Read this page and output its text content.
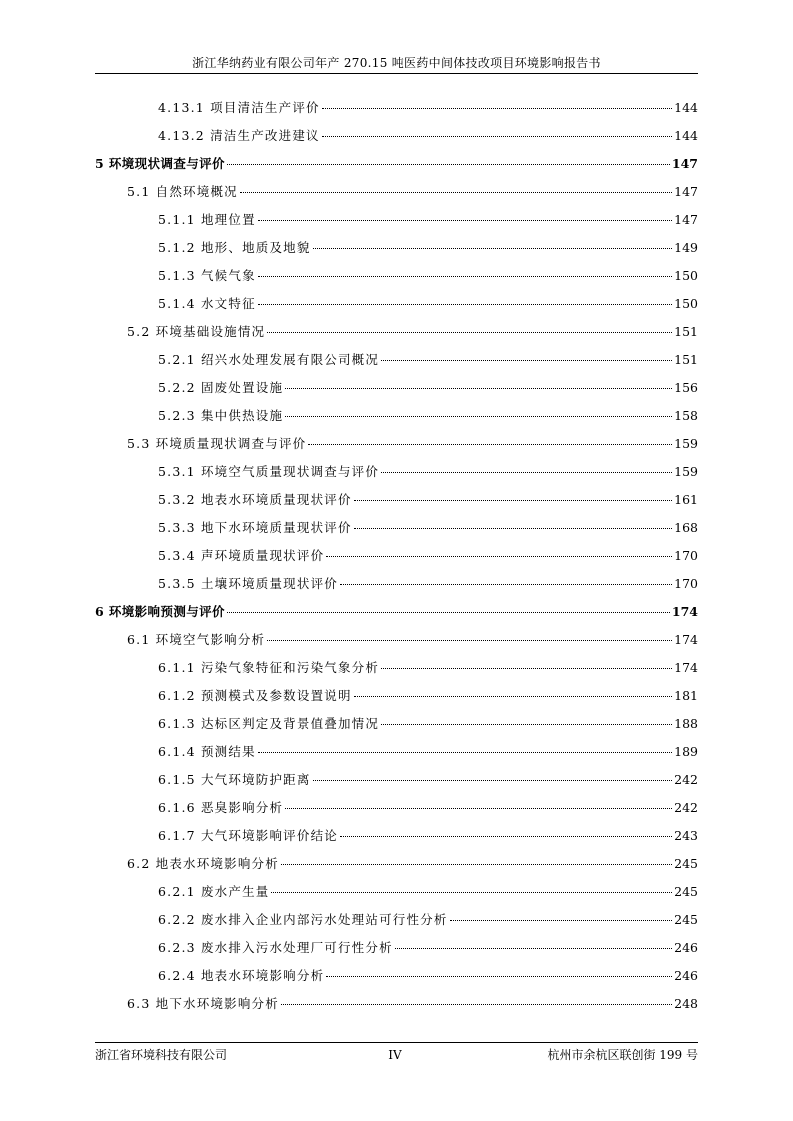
浙江华纳药业有限公司年产 270.15 吨医药中间体技改项目环境影响报告书
4.13.1 项目清洁生产评价	144
4.13.2 清洁生产改进建议	144
5 环境现状调查与评价	147
5.1 自然环境概况	147
5.1.1 地理位置	147
5.1.2 地形、地质及地貌	149
5.1.3 气候气象	150
5.1.4 水文特征	150
5.2 环境基础设施情况	151
5.2.1 绍兴水处理发展有限公司概况	151
5.2.2 固废处置设施	156
5.2.3 集中供热设施	158
5.3 环境质量现状调查与评价	159
5.3.1 环境空气质量现状调查与评价	159
5.3.2 地表水环境质量现状评价	161
5.3.3 地下水环境质量现状评价	168
5.3.4 声环境质量现状评价	170
5.3.5 土壤环境质量现状评价	170
6 环境影响预测与评价	174
6.1 环境空气影响分析	174
6.1.1 污染气象特征和污染气象分析	174
6.1.2 预测模式及参数设置说明	181
6.1.3 达标区判定及背景值叠加情况	188
6.1.4 预测结果	189
6.1.5 大气环境防护距离	242
6.1.6 恶臭影响分析	242
6.1.7 大气环境影响评价结论	243
6.2 地表水环境影响分析	245
6.2.1 废水产生量	245
6.2.2 废水排入企业内部污水处理站可行性分析	245
6.2.3 废水排入污水处理厂可行性分析	246
6.2.4 地表水环境影响分析	246
6.3 地下水环境影响分析	248
浙江省环境科技有限公司	IV	杭州市余杭区联创街 199 号
